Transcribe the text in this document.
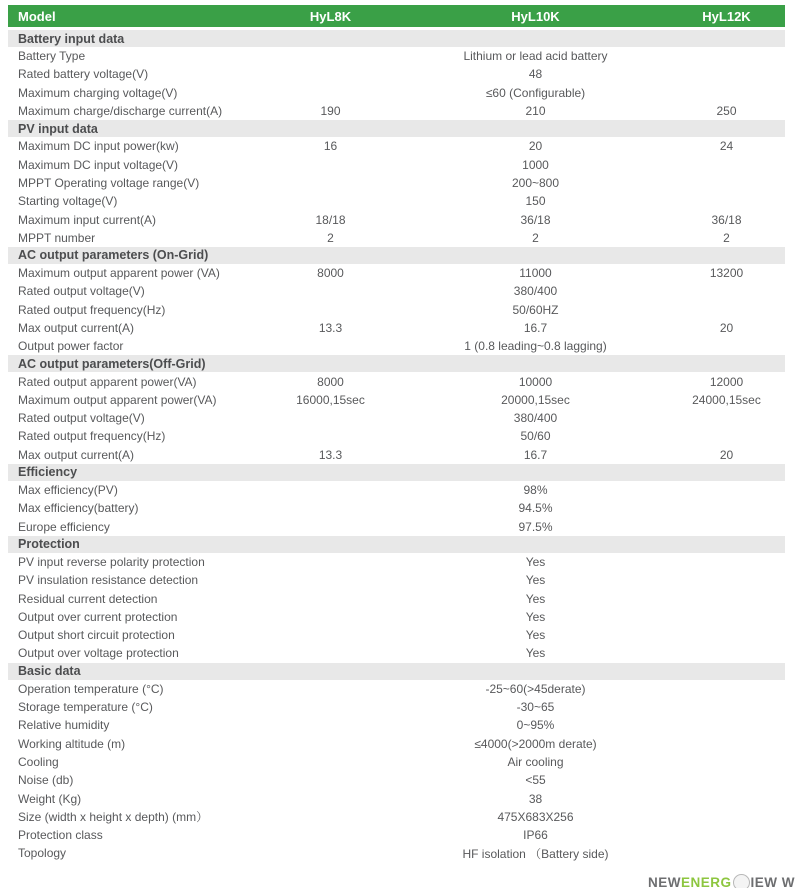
Model	HyL8K	HyL10K	HyL12K
Battery input data
Battery Type	Lithium or lead acid battery
Rated battery voltage(V)	48
Maximum charging voltage(V)	≤60 (Configurable)
Maximum charge/discharge current(A)	190	210	250
PV input data
Maximum DC input power(kw)	16	20	24
Maximum DC input voltage(V)	1000
MPPT Operating voltage range(V)	200~800
Starting voltage(V)	150
Maximum input current(A)	18/18	36/18	36/18
MPPT number	2	2	2
AC output parameters (On-Grid)
Maximum output apparent power (VA)	8000	11000	13200
Rated output voltage(V)	380/400
Rated output frequency(Hz)	50/60HZ
Max output current(A)	13.3	16.7	20
Output power factor	1 (0.8 leading~0.8 lagging)
AC output parameters(Off-Grid)
Rated output apparent power(VA)	8000	10000	12000
Maximum output apparent power(VA)	16000,15sec	20000,15sec	24000,15sec
Rated output voltage(V)	380/400
Rated output frequency(Hz)	50/60
Max output current(A)	13.3	16.7	20
Efficiency
Max efficiency(PV)	98%
Max efficiency(battery)	94.5%
Europe efficiency	97.5%
Protection
PV input reverse polarity protection	Yes
PV insulation resistance detection	Yes
Residual current detection	Yes
Output over current protection	Yes
Output short circuit protection	Yes
Output over voltage protection	Yes
Basic data
Operation temperature (°C)	-25~60(>45derate)
Storage temperature (°C)	-30~65
Relative humidity	0~95%
Working altitude (m)	≤4000(>2000m derate)
Cooling	Air cooling
Noise (db)	<55
Weight (Kg)	38
Size (width x height x depth) (mm）	475X683X256
Protection class	IP66
Topology	HF isolation （Battery side)
NEW ENERG IEW W
